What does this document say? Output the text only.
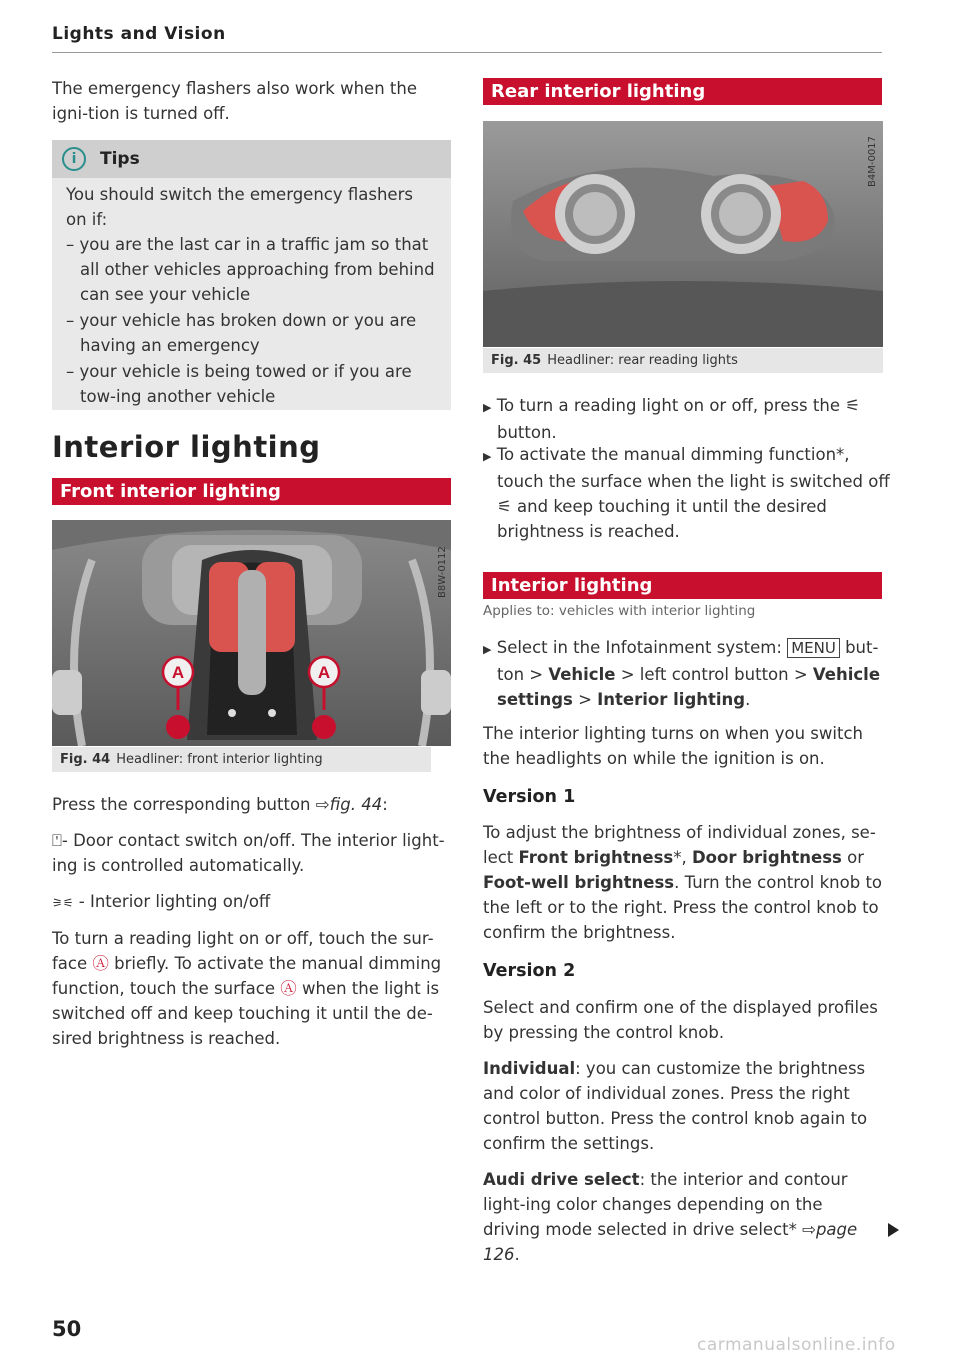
Lights and Vision

The emergency flashers also work when the igni-tion is turned off.

i	Tips

You should switch the emergency flashers on if:

– you are the last car in a traffic jam so that all other vehicles approaching from behind can see your vehicle

– your vehicle has broken down or you are having an emergency

– your vehicle is being towed or if you are tow-ing another vehicle

Interior lighting
Front interior lighting
A	A
B8W-0112
Fig. 44 Headliner: front interior lighting

Press the corresponding button ⇨fig. 44:

⍞- Door contact switch on/off. The interior light-ing is controlled automatically.

⚞⚟ - Interior lighting on/off

To turn a reading light on or off, touch the sur-face Ⓐ briefly. To activate the manual dimming function, touch the surface Ⓐ when the light is switched off and keep touching it until the de-sired brightness is reached.

50
Rear interior lighting
B4M-0017
Fig. 45 Headliner: rear reading lights

▶ To turn a reading light on or off, press the ⚟
button.

▶ To activate the manual dimming function*, touch the surface when the light is switched off ⚟ and keep touching it until the desired brightness is reached.

Interior lighting
Applies to: vehicles with interior lighting

▶ Select in the Infotainment system: MENU but-ton > Vehicle > left control button > Vehicle settings > Interior lighting.

The interior lighting turns on when you switch the headlights on while the ignition is on.

Version 1

To adjust the brightness of individual zones, se-lect Front brightness*, Door brightness or Foot-well brightness. Turn the control knob to the left or to the right. Press the control knob to confirm the brightness.

Version 2

Select and confirm one of the displayed profiles by pressing the control knob.

Individual: you can customize the brightness and color of individual zones. Press the right control button. Press the control knob again to confirm the settings.

Audi drive select: the interior and contour light-ing color changes depending on the driving mode selected in drive select* ⇨page 126.

carmanualsonline.info
